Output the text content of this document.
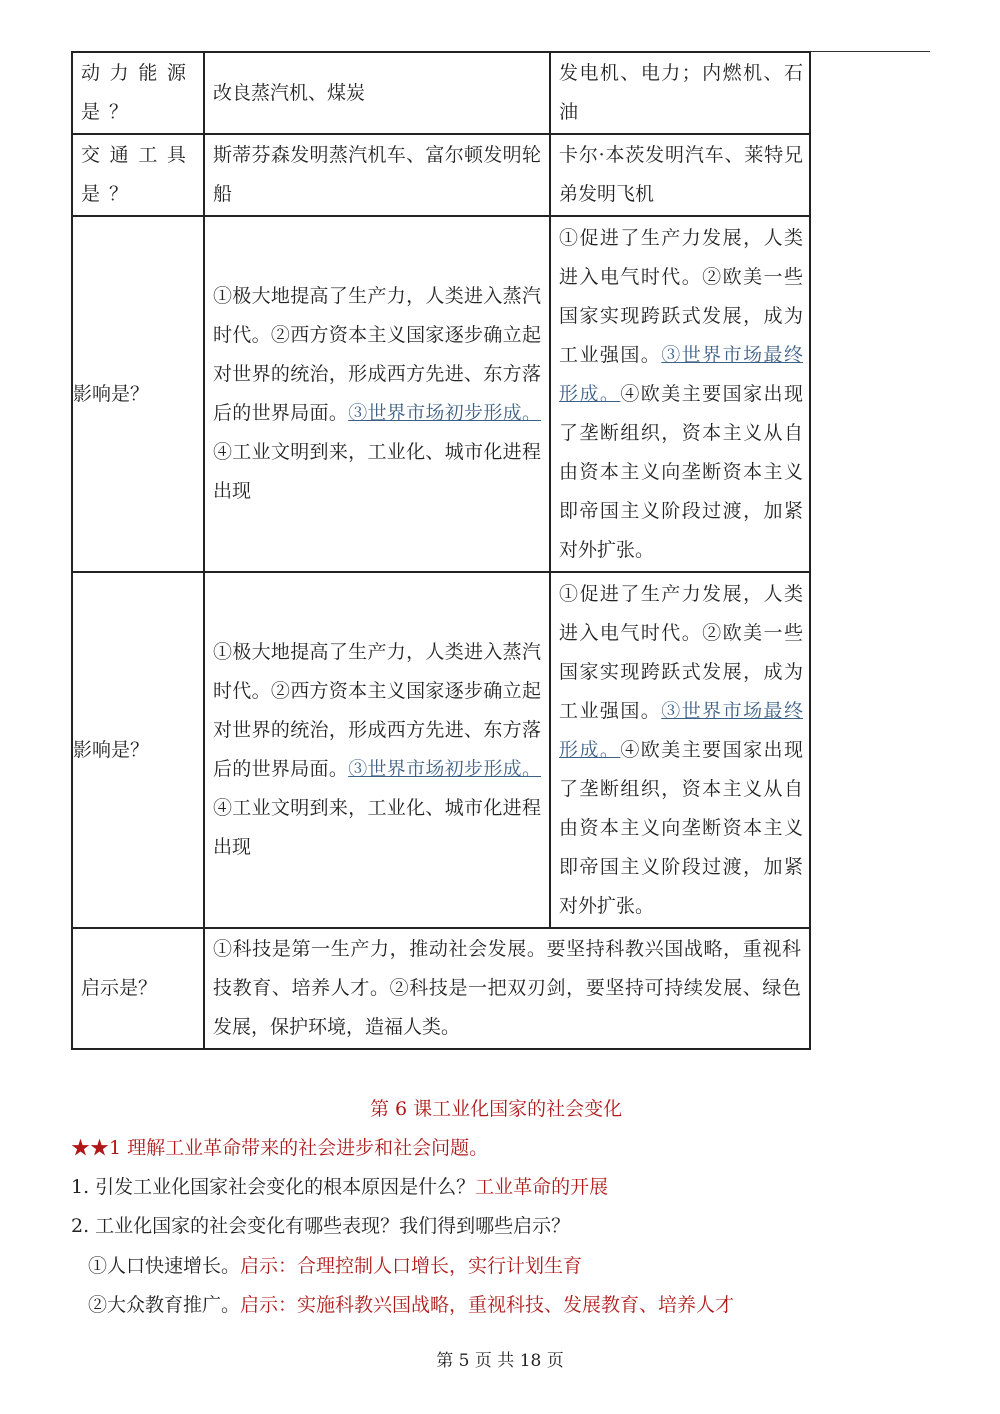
动力能源是？	改良蒸汽机、煤炭	发电机、电力；内燃机、石油
交通工具是？	斯蒂芬森发明蒸汽机车、富尔顿发明轮船	卡尔·本茨发明汽车、莱特兄弟发明飞机
影响是？	①极大地提高了生产力，人类进入蒸汽时代。②西方资本主义国家逐步确立起对世界的统治，形成西方先进、东方落后的世界局面。③世界市场初步形成。④工业文明到来，工业化、城市化进程出现	①促进了生产力发展，人类进入电气时代。②欧美一些国家实现跨跃式发展，成为工业强国。③世界市场最终形成。④欧美主要国家出现了垄断组织，资本主义从自由资本主义向垄断资本主义即帝国主义阶段过渡，加紧对外扩张。
影响是？	①极大地提高了生产力，人类进入蒸汽时代。②西方资本主义国家逐步确立起对世界的统治，形成西方先进、东方落后的世界局面。③世界市场初步形成。④工业文明到来，工业化、城市化进程出现	①促进了生产力发展，人类进入电气时代。②欧美一些国家实现跨跃式发展，成为工业强国。③世界市场最终形成。④欧美主要国家出现了垄断组织，资本主义从自由资本主义向垄断资本主义即帝国主义阶段过渡，加紧对外扩张。
启示是？	①科技是第一生产力，推动社会发展。要坚持科教兴国战略，重视科技教育、培养人才。②科技是一把双刃剑，要坚持可持续发展、绿色发展，保护环境，造福人类。	
第 6 课工业化国家的社会变化
★★1 理解工业革命带来的社会进步和社会问题。
1. 引发工业化国家社会变化的根本原因是什么？工业革命的开展
2. 工业化国家的社会变化有哪些表现？我们得到哪些启示？
①人口快速增长。启示：合理控制人口增长，实行计划生育
②大众教育推广。启示：实施科教兴国战略，重视科技、发展教育、培养人才
第 5 页 共 18 页
